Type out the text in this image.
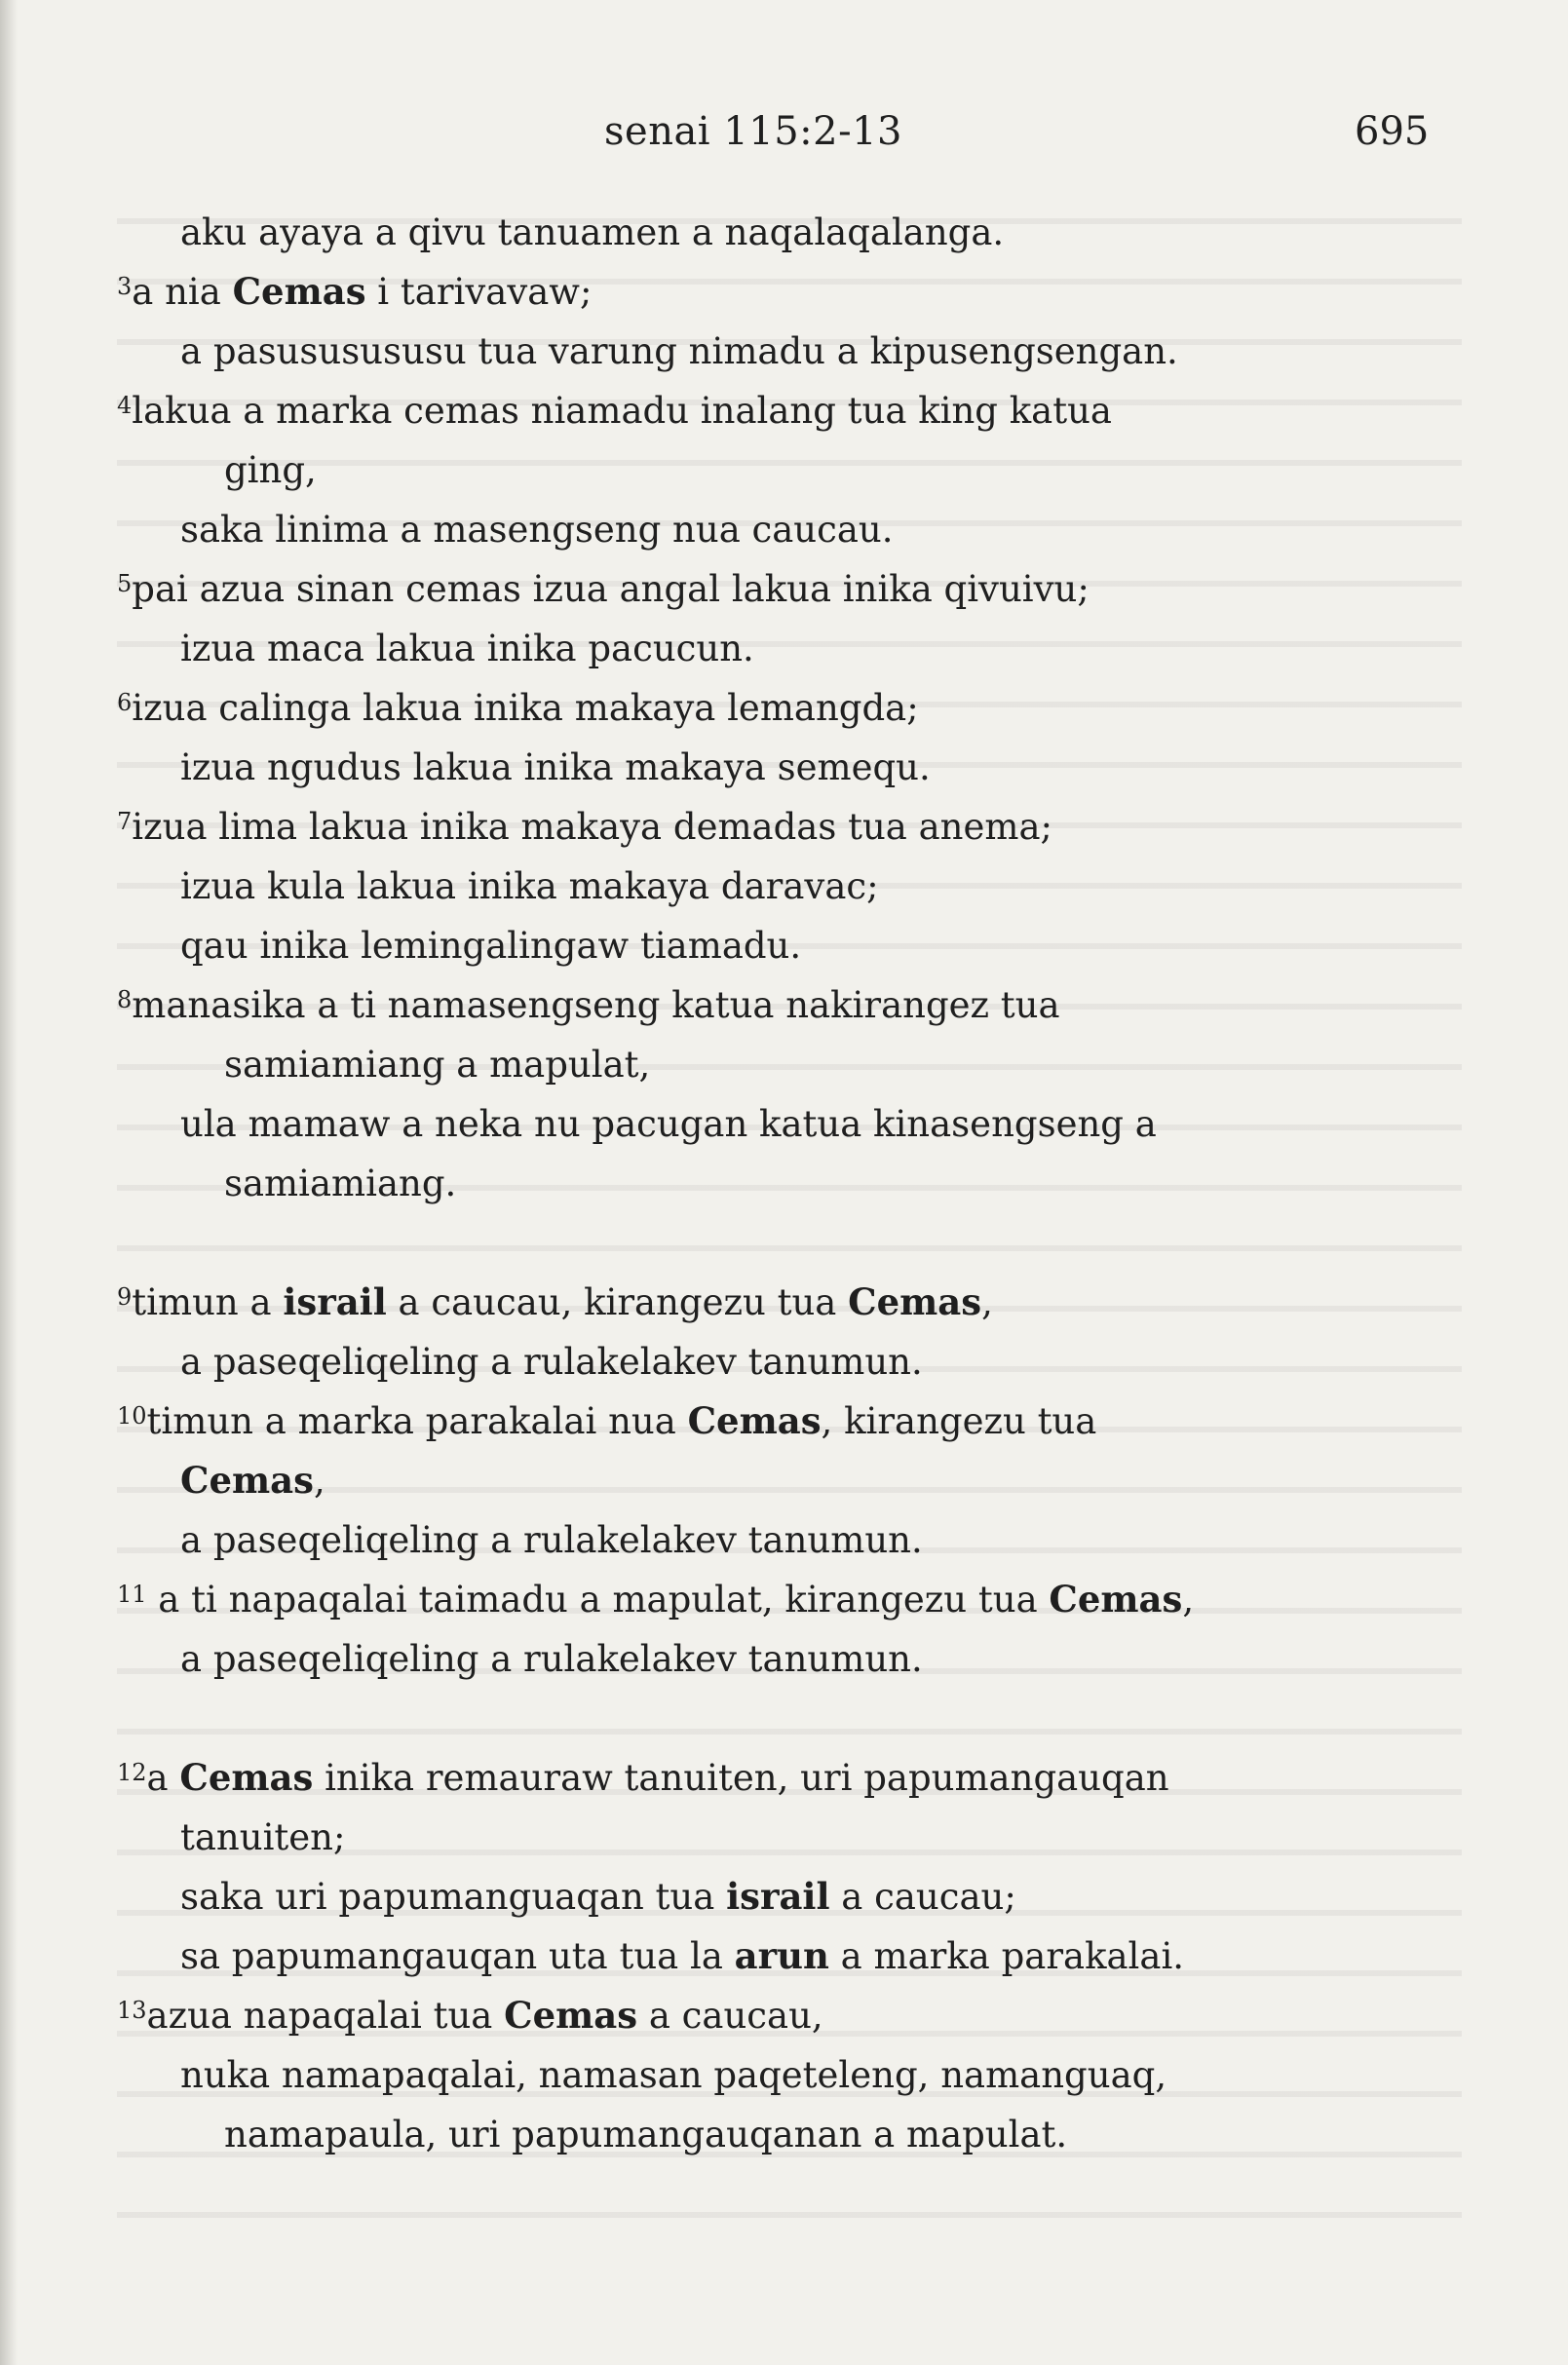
senai 115:2-13	695
aku ayaya a qivu tanuamen a naqalaqalanga.
$^3$a nia Cemas i tarivavaw;
a pasususususu tua varung nimadu a kipusengsengan.
$^4$lakua a marka cemas niamadu inalang tua king katua
ging,
saka linima a masengseng nua caucau.
$^5$pai azua sinan cemas izua angal lakua inika qivuivu;
izua maca lakua inika pacucun.
$^6$izua calinga lakua inika makaya lemangda;
izua ngudus lakua inika makaya semequ.
$^7$izua lima lakua inika makaya demadas tua anema;
izua kula lakua inika makaya daravac;
qau inika lemingalingaw tiamadu.
$^8$manasika a ti namasengseng katua nakirangez tua
samiamiang a mapulat,
ula mamaw a neka nu pacugan katua kinasengseng a
samiamiang.
$^9$timun a israil a caucau, kirangezu tua Cemas,
a paseqeliqeling a rulakelakev tanumun.
$^{10}$timun a marka parakalai nua Cemas, kirangezu tua
Cemas,
a paseqeliqeling a rulakelakev tanumun.
$^{11}$ a ti napaqalai taimadu a mapulat, kirangezu tua Cemas,
a paseqeliqeling a rulakelakev tanumun.
$^{12}$a Cemas inika remauraw tanuiten, uri papumangauqan
tanuiten;
saka uri papumanguaqan tua israil a caucau;
sa papumangauqan uta tua la arun a marka parakalai.
$^{13}$azua napaqalai tua Cemas a caucau,
nuka namapaqalai, namasan paqeteleng, namanguaq,
namapaula, uri papumangauqanan a mapulat.
